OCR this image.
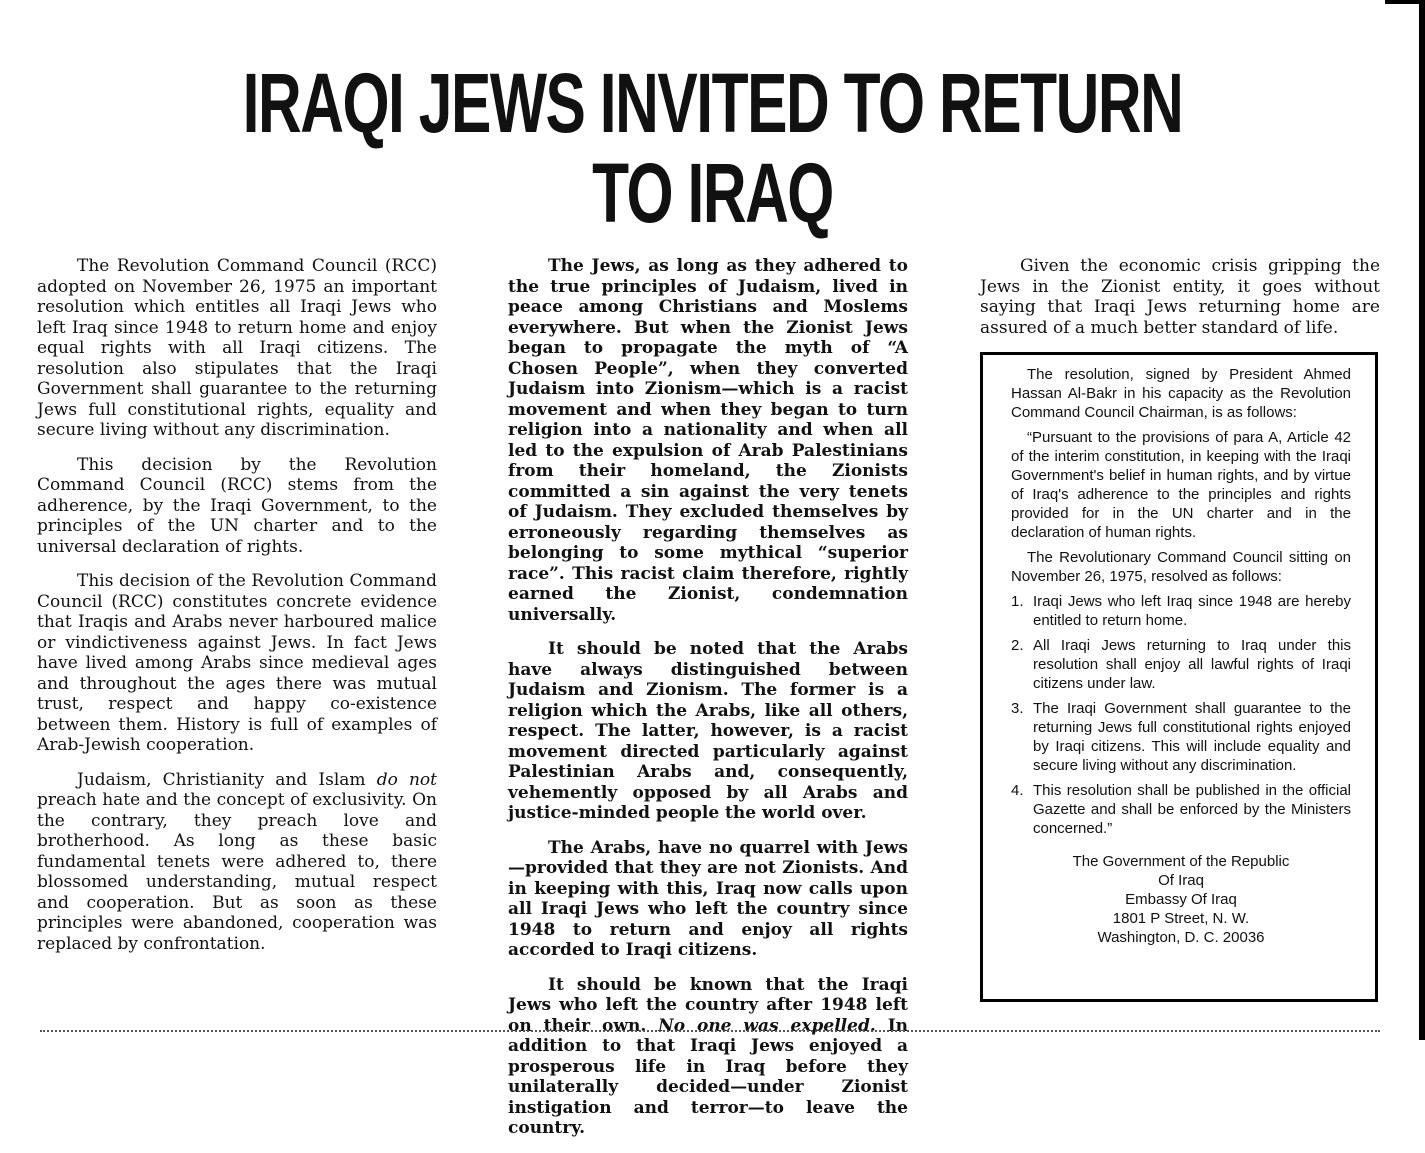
IRAQI JEWS INVITED TO RETURN TO IRAQ

The Revolution Command Council (RCC) adopted on November 26, 1975 an important resolution which entitles all Iraqi Jews who left Iraq since 1948 to return home and enjoy equal rights with all Iraqi citizens. The resolution also stipulates that the Iraqi Government shall guarantee to the returning Jews full constitutional rights, equality and secure living without any discrimination.

This decision by the Revolution Command Council (RCC) stems from the adherence, by the Iraqi Government, to the principles of the UN charter and to the universal declaration of rights.

This decision of the Revolution Command Council (RCC) constitutes concrete evidence that Iraqis and Arabs never harboured malice or vindictiveness against Jews. In fact Jews have lived among Arabs since medieval ages and throughout the ages there was mutual trust, respect and happy co-existence between them. History is full of examples of Arab-Jewish cooperation.

Judaism, Christianity and Islam do not preach hate and the concept of exclusivity. On the contrary, they preach love and brotherhood. As long as these basic fundamental tenets were adhered to, there blossomed understanding, mutual respect and cooperation. But as soon as these principles were abandoned, cooperation was replaced by confrontation.

The Jews, as long as they adhered to the true principles of Judaism, lived in peace among Christians and Moslems everywhere. But when the Zionist Jews began to propagate the myth of “A Chosen People”, when they converted Judaism into Zionism—which is a racist movement and when they began to turn religion into a nationality and when all led to the expulsion of Arab Palestinians from their homeland, the Zionists committed a sin against the very tenets of Judaism. They excluded themselves by erroneously regarding themselves as belonging to some mythical “superior race”. This racist claim therefore, rightly earned the Zionist, condemnation universally.

It should be noted that the Arabs have always distinguished between Judaism and Zionism. The former is a religion which the Arabs, like all others, respect. The latter, however, is a racist movement directed particularly against Palestinian Arabs and, consequently, vehemently opposed by all Arabs and justice-minded people the world over.

The Arabs, have no quarrel with Jews—provided that they are not Zionists. And in keeping with this, Iraq now calls upon all Iraqi Jews who left the country since 1948 to return and enjoy all rights accorded to Iraqi citizens.

It should be known that the Iraqi Jews who left the country after 1948 left on their own. No one was expelled. In addition to that Iraqi Jews enjoyed a prosperous life in Iraq before they unilaterally decided—under Zionist instigation and terror—to leave the country.

Given the economic crisis gripping the Jews in the Zionist entity, it goes without saying that Iraqi Jews returning home are assured of a much better standard of life.

The resolution, signed by President Ahmed Hassan Al-Bakr in his capacity as the Revolution Command Council Chairman, is as follows:

“Pursuant to the provisions of para A, Article 42 of the interim constitution, in keeping with the Iraqi Government's belief in human rights, and by virtue of Iraq's adherence to the principles and rights provided for in the UN charter and in the declaration of human rights.

The Revolutionary Command Council sitting on November 26, 1975, resolved as follows:

1. Iraqi Jews who left Iraq since 1948 are hereby entitled to return home.
2. All Iraqi Jews returning to Iraq under this resolution shall enjoy all lawful rights of Iraqi citizens under law.
3. The Iraqi Government shall guarantee to the returning Jews full constitutional rights enjoyed by Iraqi citizens. This will include equality and secure living without any discrimination.
4. This resolution shall be published in the official Gazette and shall be enforced by the Ministers concerned.”
The Government of the Republic
Of Iraq
Embassy Of Iraq
1801 P Street, N. W.
Washington, D. C. 20036
